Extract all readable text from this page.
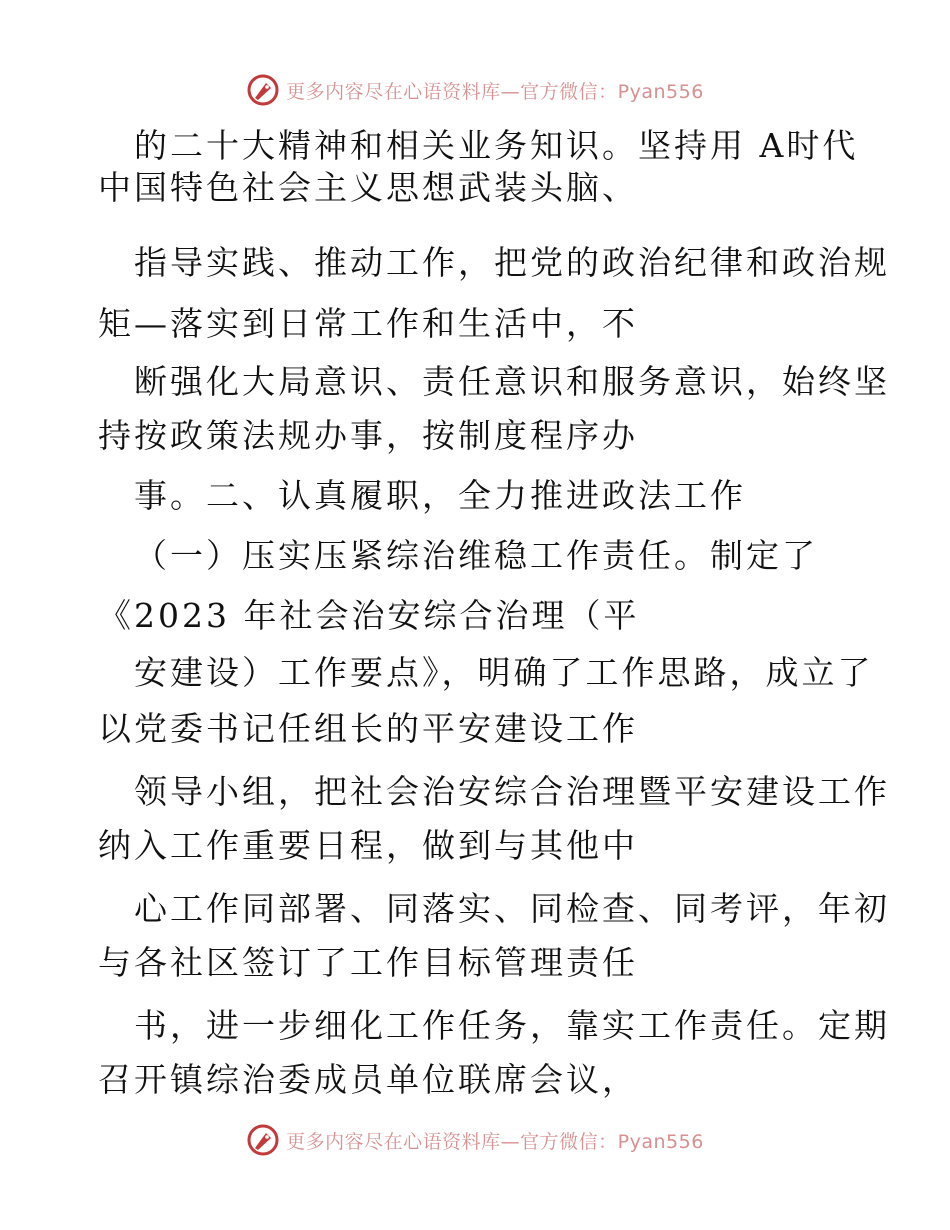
更多内容尽在心语资料库—官方微信：Pyan556
的二十大精神和相关业务知识。坚持用 A时代
中国特色社会主义思想武装头脑、
指导实践、推动工作，把党的政治纪律和政治规
矩—落实到日常工作和生活中，不
断强化大局意识、责任意识和服务意识，始终坚
持按政策法规办事，按制度程序办
事。二、认真履职，全力推进政法工作
（一）压实压紧综治维稳工作责任。制定了
《2023 年社会治安综合治理（平
安建设）工作要点》，明确了工作思路，成立了
以党委书记任组长的平安建设工作
领导小组，把社会治安综合治理暨平安建设工作
纳入工作重要日程，做到与其他中
心工作同部署、同落实、同检查、同考评，年初
与各社区签订了工作目标管理责任
书，进一步细化工作任务，靠实工作责任。定期
召开镇综治委成员单位联席会议，
更多内容尽在心语资料库—官方微信：Pyan556
